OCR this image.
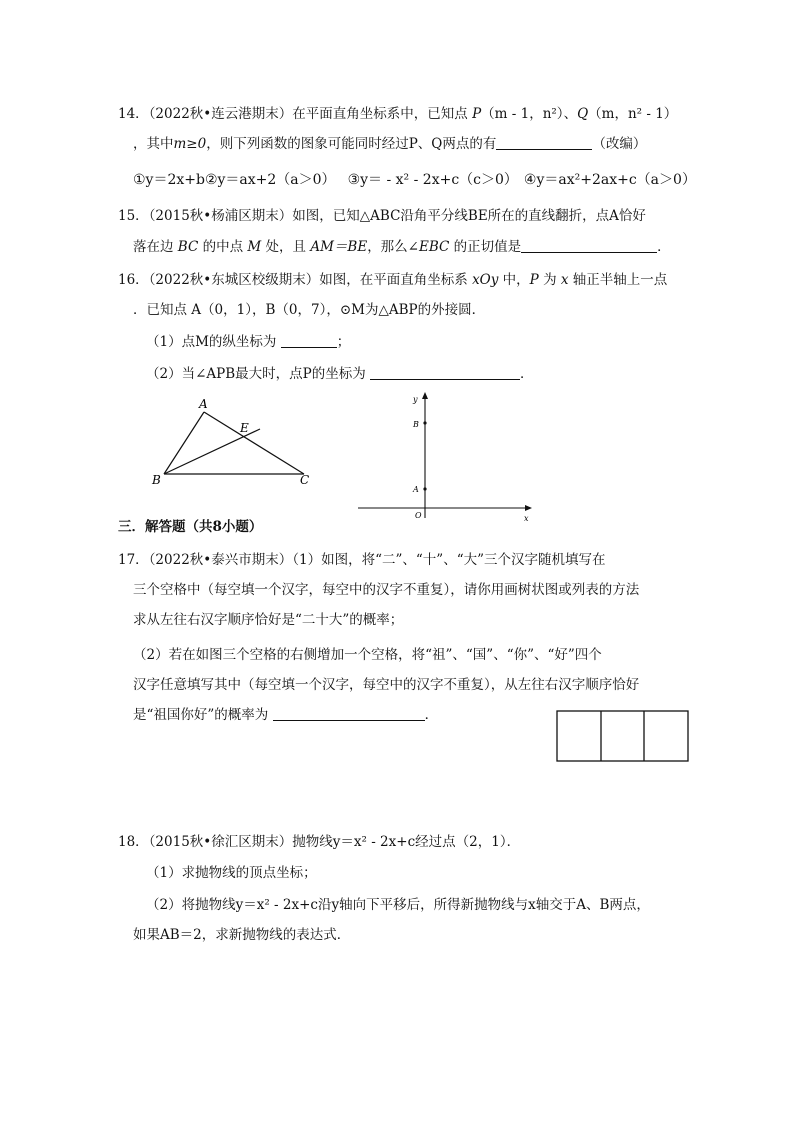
14．（2022秋•连云港期末）在平面直角坐标系中，已知点 P（m - 1，n²）、Q（m，n² - 1）
，其中m≥0，则下列函数的图象可能同时经过P、Q两点的有	（改编）
①y＝2x+b②y＝ax+2（a＞0） ③y＝ - x² - 2x+c（c＞0） ④y＝ax²+2ax+c（a＞0）
15．（2015秋•杨浦区期末）如图，已知△ABC沿角平分线BE所在的直线翻折，点A恰好
落在边 BC 的中点 M 处，且 AM＝BE，那么∠EBC 的正切值是	．
16．（2022秋•东城区校级期末）如图，在平面直角坐标系 xOy 中，P 为 x 轴正半轴上一点
．已知点 A（0，1），B（0，7），⊙M为△ABP的外接圆．
（1）点M的纵坐标为	；
（2）当∠APB最大时，点P的坐标为	．
A
B	C
E
y
B
A
O	x
三．解答题（共8小题）
17．（2022秋•泰兴市期末）（1）如图，将“二”、“十”、“大”三个汉字随机填写在
三个空格中（每空填一个汉字，每空中的汉字不重复），请你用画树状图或列表的方法
求从左往右汉字顺序恰好是“二十大”的概率；
（2）若在如图三个空格的右侧增加一个空格，将“祖”、“国”、“你”、“好”四个
汉字任意填写其中（每空填一个汉字，每空中的汉字不重复），从左往右汉字顺序恰好
是“祖国你好”的概率为	．
18．（2015秋•徐汇区期末）抛物线y＝x² - 2x+c经过点（2，1）．
（1）求抛物线的顶点坐标；
（2）将抛物线y＝x² - 2x+c沿y轴向下平移后，所得新抛物线与x轴交于A、B两点，
如果AB＝2，求新抛物线的表达式．
